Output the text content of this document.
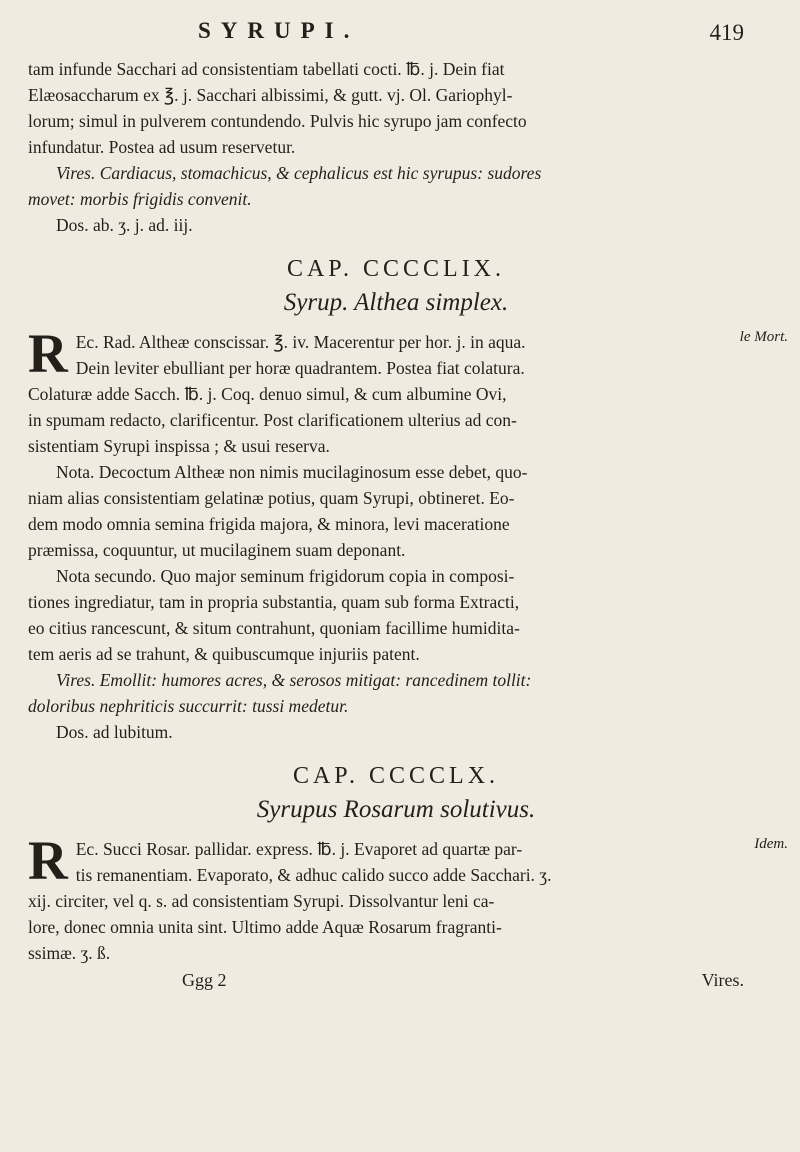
SYRUPI.	419

tam infunde Sacchari ad consistentiam tabellati cocti. ℔. j. Dein fiat

Elæosaccharum ex ℥. j. Sacchari albissimi, & gutt. vj. Ol. Gariophyl-

lorum; simul in pulverem contundendo. Pulvis hic syrupo jam confecto

infundatur. Postea ad usum reservetur.

Vires. Cardiacus, stomachicus, & cephalicus est hic syrupus: sudores

movet: morbis frigidis convenit.

Dos. ab. ʒ. j. ad. iij.

CAP. CCCCLIX.
Syrup. Althea simplex.
R	le Mort.

Ec. Rad. Altheæ conscissar. ℥. iv. Macerentur per hor. j. in aqua.

Dein leviter ebulliant per horæ quadrantem. Postea fiat colatura.

Colaturæ adde Sacch. ℔. j. Coq. denuo simul, & cum albumine Ovi,

in spumam redacto, clarificentur. Post clarificationem ulterius ad con-

sistentiam Syrupi inspissa ; & usui reserva.

Nota. Decoctum Altheæ non nimis mucilaginosum esse debet, quo-

niam alias consistentiam gelatinæ potius, quam Syrupi, obtineret. Eo-

dem modo omnia semina frigida majora, & minora, levi maceratione

præmissa, coquuntur, ut mucilaginem suam deponant.

Nota secundo. Quo major seminum frigidorum copia in composi-

tiones ingrediatur, tam in propria substantia, quam sub forma Extracti,

eo citius rancescunt, & situm contrahunt, quoniam facillime humidita-

tem aeris ad se trahunt, & quibuscumque injuriis patent.

Vires. Emollit: humores acres, & serosos mitigat: rancedinem tollit:

doloribus nephriticis succurrit: tussi medetur.

Dos. ad lubitum.

CAP. CCCCLX.
Syrupus Rosarum solutivus.
R	Idem.

Ec. Succi Rosar. pallidar. express. ℔. j. Evaporet ad quartæ par-

tis remanentiam. Evaporato, & adhuc calido succo adde Sacchari. ʒ.

xij. circiter, vel q. s. ad consistentiam Syrupi. Dissolvantur leni ca-

lore, donec omnia unita sint. Ultimo adde Aquæ Rosarum fragranti-

ssimæ. ʒ. ß.

Ggg 2	Vires.
